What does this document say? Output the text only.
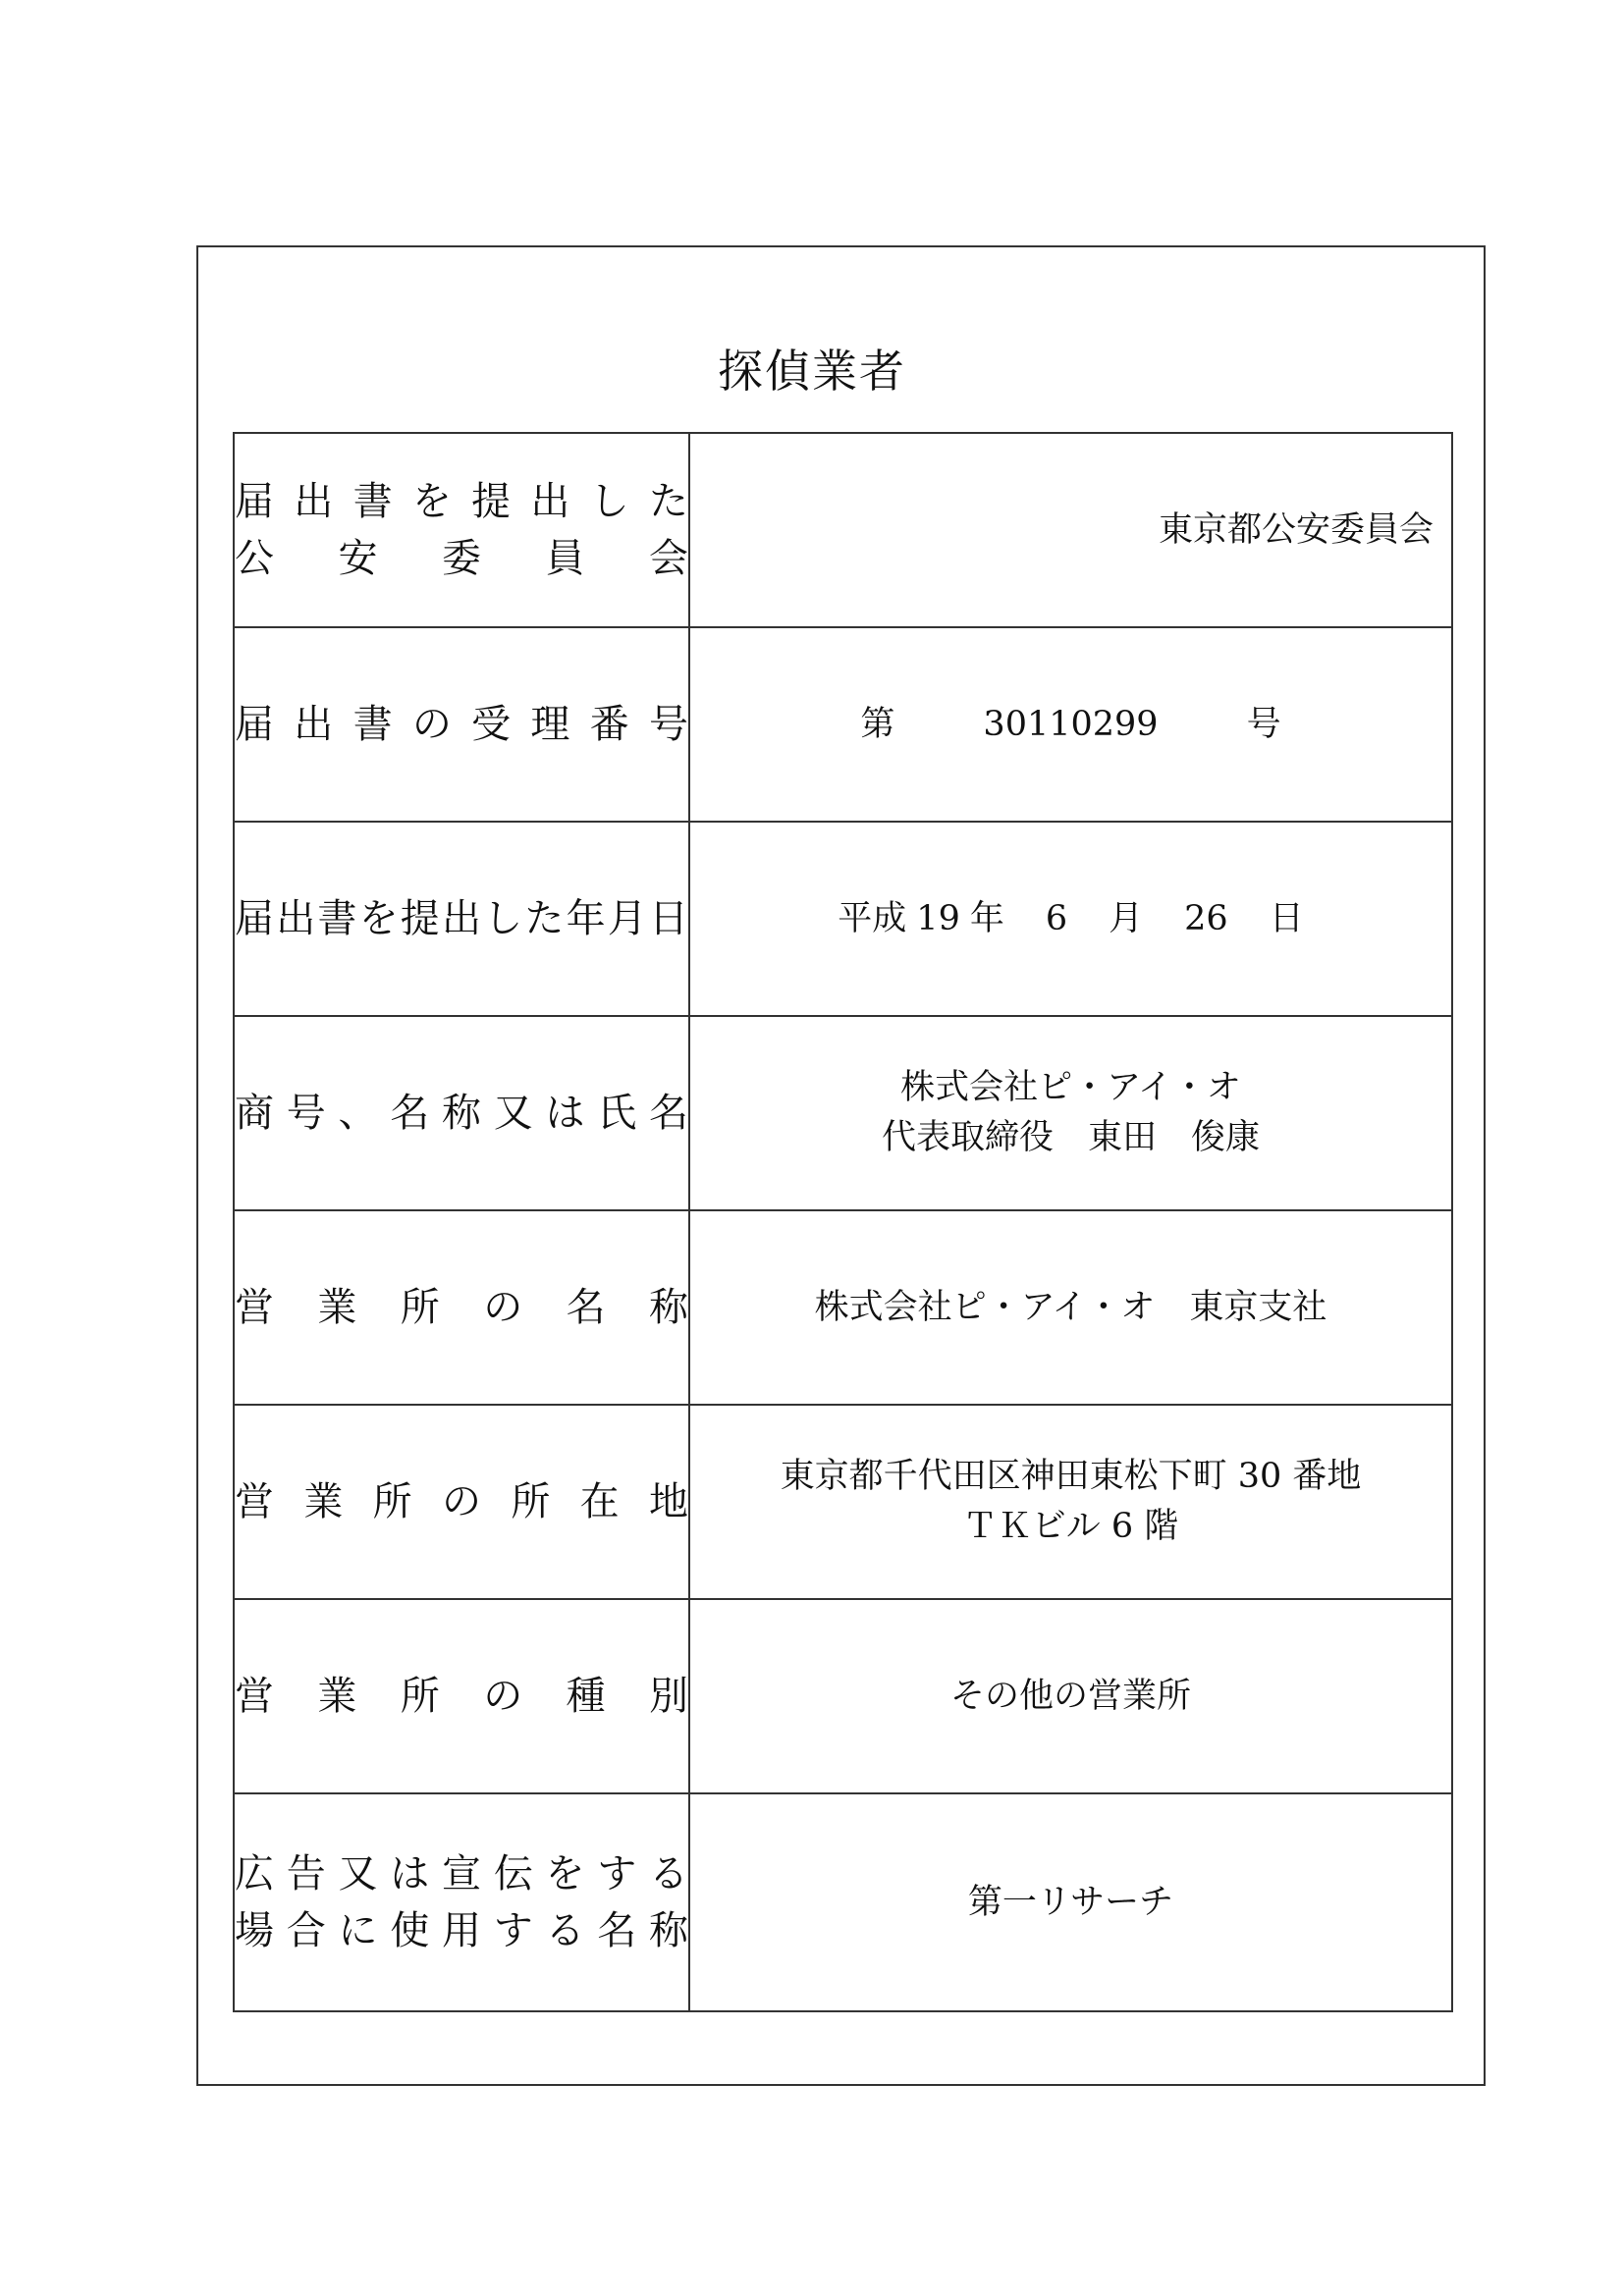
探偵業者
届出書を提出した
公　安　委　員　会	東京都公安委員会

届出書の受理番号	第 30110299 号

届出書を提出した年月日	平成 19 年 6 月 26 日

商号、名称又は氏名	株式会社ピ・アイ・オ
代表取締役　東田　俊康

営業所の名称	株式会社ピ・アイ・オ　東京支社

営業所の所在地	東京都千代田区神田東松下町 30 番地
ＴＫビル 6 階

営業所の種別	その他の営業所

広告又は宣伝をする
場合に使用する名称	第一リサーチ
